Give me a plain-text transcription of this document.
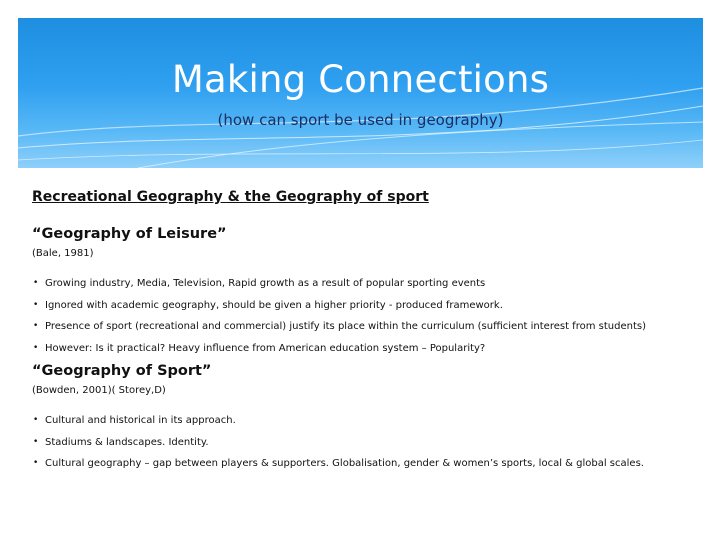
Making Connections
(how can sport be used in geography)
Recreational Geography & the Geography of sport
“Geography of Leisure”
(Bale, 1981)
• Growing industry, Media, Television, Rapid growth as a result of popular sporting events
• Ignored with academic geography, should be given a higher priority - produced framework.
• Presence of sport (recreational and commercial) justify its place within the curriculum (sufficient interest from students)
• However: Is it practical? Heavy influence from American education system – Popularity?
“Geography of Sport”
(Bowden, 2001)( Storey,D)
• Cultural and historical in its approach.
• Stadiums & landscapes. Identity.
• Cultural geography – gap between players & supporters. Globalisation, gender & women’s sports, local & global scales.
